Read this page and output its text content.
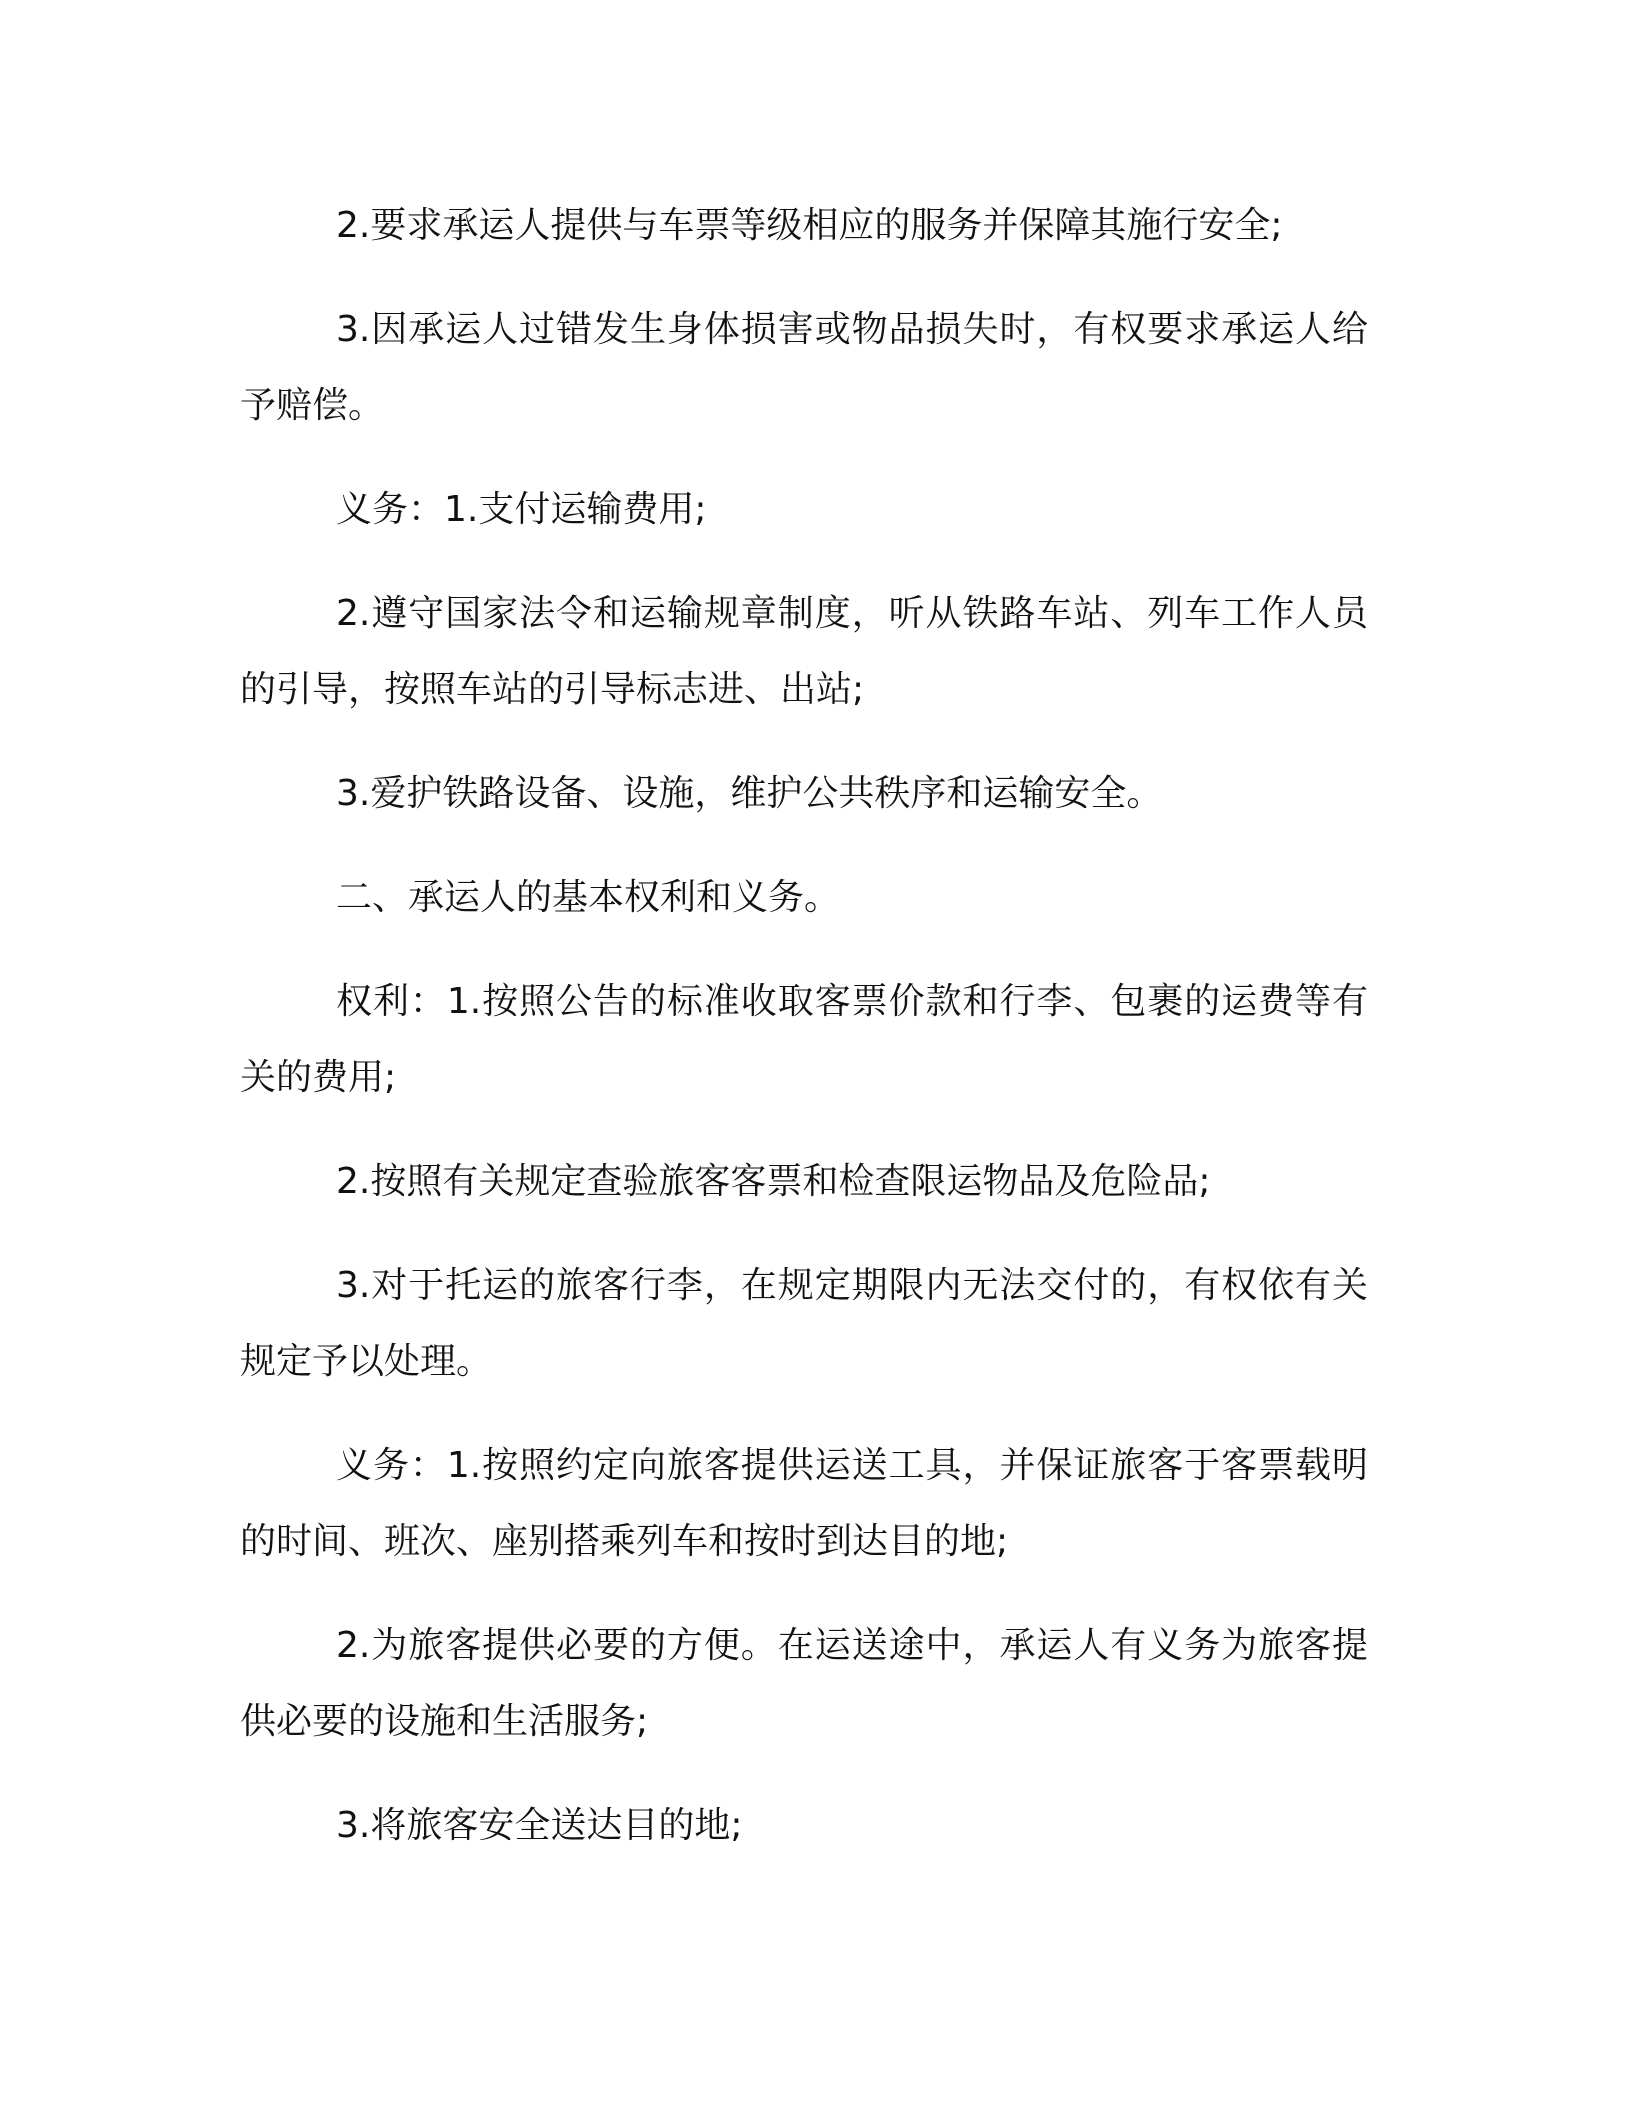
2.要求承运人提供与车票等级相应的服务并保障其施行安全;

3.因承运人过错发生身体损害或物品损失时，有权要求承运人给予赔偿。

义务：1.支付运输费用;

2.遵守国家法令和运输规章制度，听从铁路车站、列车工作人员的引导，按照车站的引导标志进、出站;

3.爱护铁路设备、设施，维护公共秩序和运输安全。

二、承运人的基本权利和义务。

权利：1.按照公告的标准收取客票价款和行李、包裹的运费等有关的费用;

2.按照有关规定查验旅客客票和检查限运物品及危险品;

3.对于托运的旅客行李，在规定期限内无法交付的，有权依有关规定予以处理。

义务：1.按照约定向旅客提供运送工具，并保证旅客于客票载明的时间、班次、座别搭乘列车和按时到达目的地;

2.为旅客提供必要的方便。在运送途中，承运人有义务为旅客提供必要的设施和生活服务;

3.将旅客安全送达目的地;
